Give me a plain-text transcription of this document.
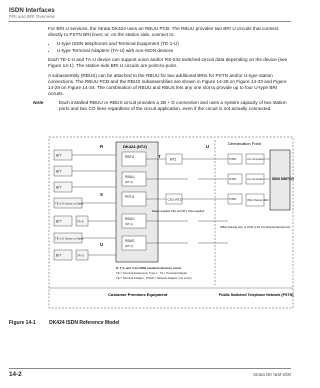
ISDN Interfaces
PRI and BRI Overview

For BRI U services, the Strata DK424 uses an RBUU PCB. The RBUU provides two BRI U circuits that connect directly to PSTN BRI lines; or, on the station side, connect to:

• U-type ISDN telephones and Terminal Equipment (TE-1-U)
• U-type Terminal Adapters (TA-U) with non-ISDN devices

Each TE-1-U and TA-U device can support voice and/or RS-232 switched-circuit data depending on the device (see Figure 14-1). The station-side BRI U circuits are point-to-point.

A subassembly (RBUS) can be attached to the RBUU for two additional BRIs for PSTN and/or U-type station connections. The RBUU PCB and the RBUS subassemblies are shown in Figure 14-28 on Figure 14-33 and Figure 14-29 on Figure 14-34. The combination of RBUU and RBUS lets any one slot to provide up to four U-type BRI circuits.

Note	Each installed RBUU or RBUS circuit provides a 2B + D connection and uses a system capacity of two station ports and two CO lines regardless of the circuit application, even if the circuit is not actually connected.
Demarcation Point
B/T
B/T
B/T
TE-1-S (Voice or Data)
B/T
TE-1-U (Voice or Data)
B/T
TA-S
TA-U
R
S
U
T
U
DK424 (NT2)
RBTU
RBUU
(NT-1)
PRTU
RBUU
(NT-1)
RBUS
(NT-1)
NT1
CSU (NT1)
Dealer supplied CSU and NT1 Tetra supplied
Pri/Bri
Pri/Bri
Pri/Bri
Line Termination
Line Termination
Office Channel Unit
ISDN SWITCH
Office Channel Unit, or OCR, is the CO Channel Service Unit
R, T, S, and U are ISDN standard reference points
TE = Terminal Equipment, Type 1 · TA = Terminal Adapter
TE = Terminal Adapter · PSAP = Network Adapter (not a box)
Customer Premises Equipment	Public Switched Telephone Network (PSTN)
Figure 14-1	DK424 ISDN Reference Model
14-2	Strata DK I&M 6/00
